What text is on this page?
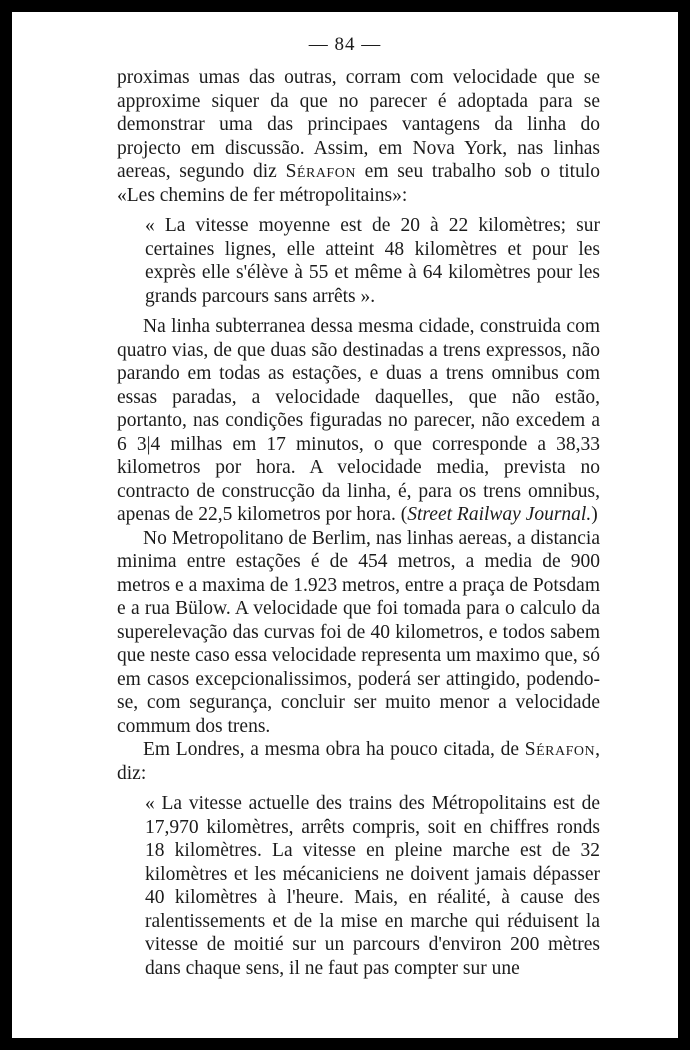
— 84 —

proximas umas das outras, corram com velocidade que se approxime siquer da que no parecer é adoptada para se demonstrar uma das principaes vantagens da linha do projecto em discussão. Assim, em Nova York, nas linhas aereas, segundo diz Sérafon em seu trabalho sob o titulo «Les chemins de fer métropolitains»:

« La vitesse moyenne est de 20 à 22 kilomètres; sur certaines lignes, elle atteint 48 kilomètres et pour les exprès elle s'élève à 55 et même à 64 kilomètres pour les grands parcours sans arrêts ».

Na linha subterranea dessa mesma cidade, construida com quatro vias, de que duas são destinadas a trens expressos, não parando em todas as estações, e duas a trens omnibus com essas paradas, a velocidade daquelles, que não estão, portanto, nas condições figuradas no parecer, não excedem a 6 3|4 milhas em 17 minutos, o que corresponde a 38,33 kilometros por hora. A velocidade media, prevista no contracto de construcção da linha, é, para os trens omnibus, apenas de 22,5 kilometros por hora. (Street Railway Journal.)

No Metropolitano de Berlim, nas linhas aereas, a distancia minima entre estações é de 454 metros, a media de 900 metros e a maxima de 1.923 metros, entre a praça de Potsdam e a rua Bülow. A velocidade que foi tomada para o calculo da superelevação das curvas foi de 40 kilometros, e todos sabem que neste caso essa velocidade representa um maximo que, só em casos excepcionalissimos, poderá ser attingido, podendo-se, com segurança, concluir ser muito menor a velocidade commum dos trens.

Em Londres, a mesma obra ha pouco citada, de Sérafon, diz:

« La vitesse actuelle des trains des Métropolitains est de 17,970 kilomètres, arrêts compris, soit en chiffres ronds 18 kilomètres. La vitesse en pleine marche est de 32 kilomètres et les mécaniciens ne doivent jamais dépasser 40 kilomètres à l'heure. Mais, en réalité, à cause des ralentissements et de la mise en marche qui réduisent la vitesse de moitié sur un parcours d'environ 200 mètres dans chaque sens, il ne faut pas compter sur une
